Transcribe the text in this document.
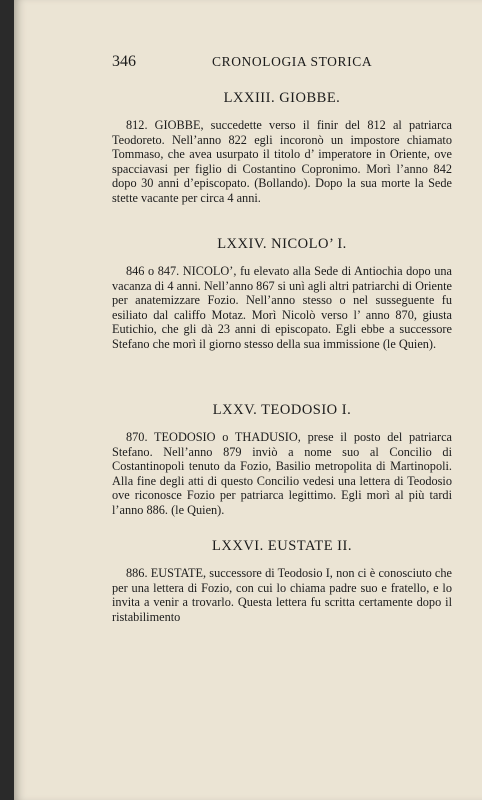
346	CRONOLOGIA STORICA
LXXIII. GIOBBE.

812. GIOBBE, succedette verso il finir del 812 al patriarca Teodoreto. Nell’anno 822 egli incoronò un impostore chiamato Tommaso, che avea usurpato il titolo d’ imperatore in Oriente, ove spacciavasi per figlio di Costantino Copronimo. Morì l’anno 842 dopo 30 anni d’episcopato. (Bollando). Dopo la sua morte la Sede stette vacante per circa 4 anni.

LXXIV. NICOLO’ I.

846 o 847. NICOLO’, fu elevato alla Sede di Antiochia dopo una vacanza di 4 anni. Nell’anno 867 si unì agli altri patriarchi di Oriente per anatemizzare Fozio. Nell’anno stesso o nel susseguente fu esiliato dal califfo Motaz. Morì Nicolò verso l’ anno 870, giusta Eutichio, che gli dà 23 anni di episcopato. Egli ebbe a successore Stefano che morì il giorno stesso della sua immissione (le Quien).

LXXV. TEODOSIO I.

870. TEODOSIO o THADUSIO, prese il posto del patriarca Stefano. Nell’anno 879 inviò a nome suo al Concilio di Costantinopoli tenuto da Fozio, Basilio metropolita di Martinopoli. Alla fine degli atti di questo Concilio vedesi una lettera di Teodosio ove riconosce Fozio per patriarca legittimo. Egli morì al più tardi l’anno 886. (le Quien).

LXXVI. EUSTATE II.

886. EUSTATE, successore di Teodosio I, non ci è conosciuto che per una lettera di Fozio, con cui lo chiama padre suo e fratello, e lo invita a venir a trovarlo. Questa lettera fu scritta certamente dopo il ristabilimento
